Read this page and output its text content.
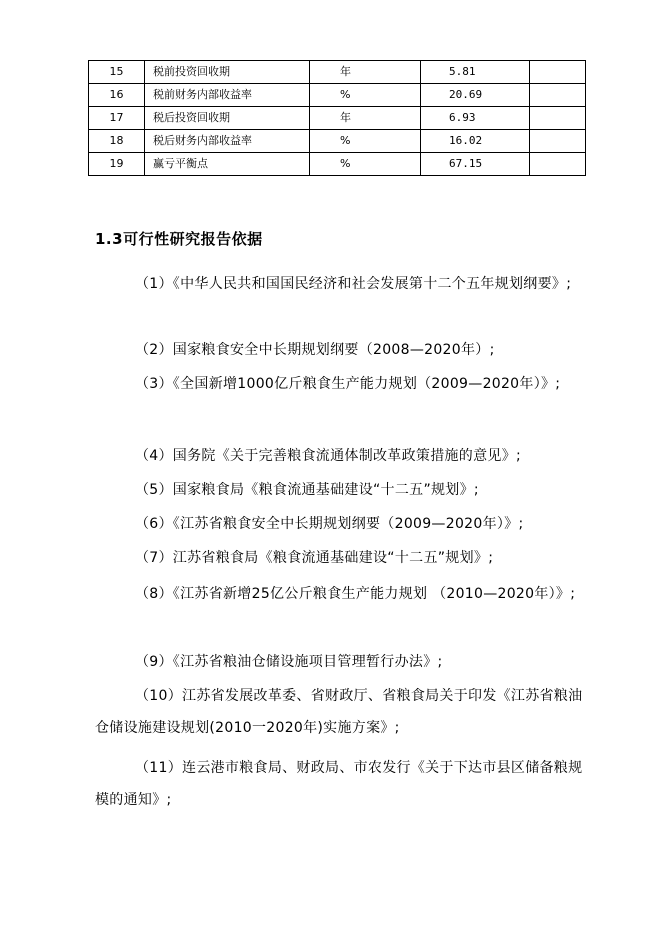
15	税前投资回收期	年	5.81	
16	税前财务内部收益率	%	20.69	
17	税后投资回收期	年	6.93	
18	税后财务内部收益率	%	16.02	
19	赢亏平衡点	%	67.15	
1.3可行性研究报告依据
（1）《中华人民共和国国民经济和社会发展第十二个五年规划纲要》;
（2）国家粮食安全中长期规划纲要（2008—2020年）;
（3）《全国新增1000亿斤粮食生产能力规划（2009—2020年）》;
（4）国务院《关于完善粮食流通体制改革政策措施的意见》;
（5）国家粮食局《粮食流通基础建设“十二五”规划》;
（6）《江苏省粮食安全中长期规划纲要（2009—2020年）》;
（7）江苏省粮食局《粮食流通基础建设“十二五”规划》;
（8）《江苏省新增25亿公斤粮食生产能力规划 （2010—2020年）》;
（9）《江苏省粮油仓储设施项目管理暂行办法》;
（10）江苏省发展改革委、省财政厅、省粮食局关于印发《江苏省粮油仓储设施建设规划(2010一2020年)实施方案》;
（11）连云港市粮食局、财政局、市农发行《关于下达市县区储备粮规模的通知》;
